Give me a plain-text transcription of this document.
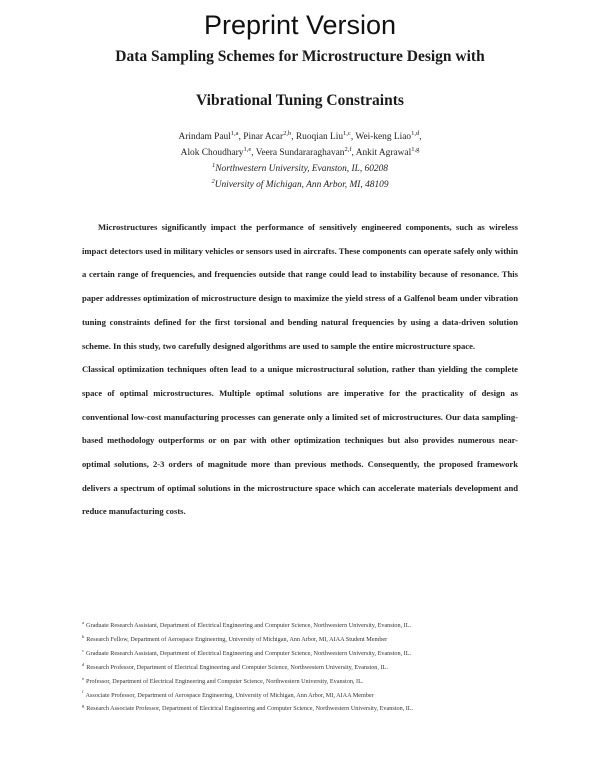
Preprint Version
Data Sampling Schemes for Microstructure Design with
Vibrational Tuning Constraints
Arindam Paul$^{1,a}$, Pinar Acar$^{2,b}$, Ruoqian Liu$^{1,c}$, Wei-keng Liao$^{1,d}$,
Alok Choudhary$^{1,e}$, Veera Sundararaghavan$^{2,f}$, Ankit Agrawal$^{1,g}$
$^1$Northwestern University, Evanston, IL, 60208
$^2$University of Michigan, Ann Arbor, MI, 48109

Microstructures significantly impact the performance of sensitively engineered components, such as wireless impact detectors used in military vehicles or sensors used in aircrafts. These components can operate safely only within a certain range of frequencies, and frequencies outside that range could lead to instability because of resonance. This paper addresses optimization of microstructure design to maximize the yield stress of a Galfenol beam under vibration tuning constraints defined for the first torsional and bending natural frequencies by using a data-driven solution scheme. In this study, two carefully designed algorithms are used to sample the entire microstructure space.

Classical optimization techniques often lead to a unique microstructural solution, rather than yielding the complete space of optimal microstructures. Multiple optimal solutions are imperative for the practicality of design as conventional low-cost manufacturing processes can generate only a limited set of microstructures. Our data sampling-based methodology outperforms or on par with other optimization techniques but also provides numerous near-optimal solutions, 2-3 orders of magnitude more than previous methods. Consequently, the proposed framework delivers a spectrum of optimal solutions in the microstructure space which can accelerate materials development and reduce manufacturing costs.

$^a$ Graduate Research Assistant, Department of Electrical Engineering and Computer Science, Northwestern University, Evanston, IL.
$^b$ Research Fellow, Department of Aerospace Engineering, University of Michigan, Ann Arbor, MI, AIAA Student Member
$^c$ Graduate Research Assistant, Department of Electrical Engineering and Computer Science, Northwestern University, Evanston, IL.
$^d$ Research Professor, Department of Electrical Engineering and Computer Science, Northwestern University, Evanston, IL.
$^e$ Professor, Department of Electrical Engineering and Computer Science, Northwestern University, Evanston, IL.
$^f$ Associate Professor, Department of Aerospace Engineering, University of Michigan, Ann Arbor, MI, AIAA Member
$^g$ Research Associate Professor, Department of Electrical Engineering and Computer Science, Northwestern University, Evanston, IL.
